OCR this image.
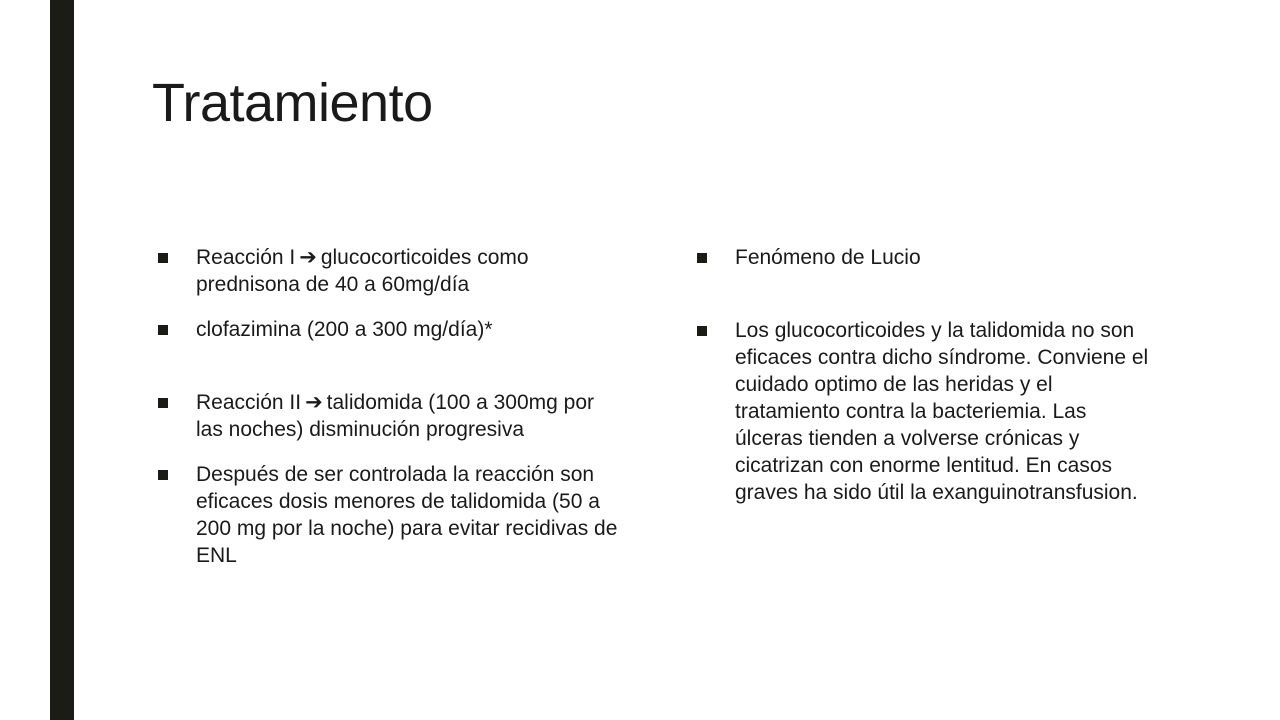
Tratamiento
Reacción I ➔ glucocorticoides como prednisona de 40 a 60mg/día
clofazimina (200 a 300 mg/día)*
Reacción II ➔ talidomida (100 a 300mg por las noches) disminución progresiva
Después de ser controlada la reacción son eficaces dosis menores de talidomida (50 a 200 mg por la noche) para evitar recidivas de ENL
Fenómeno de Lucio
Los glucocorticoides y la talidomida no son eficaces contra dicho síndrome. Conviene el cuidado optimo de las heridas y el tratamiento contra la bacteriemia. Las úlceras tienden a volverse crónicas y cicatrizan con enorme lentitud. En casos graves ha sido útil la exanguinotransfusion.
